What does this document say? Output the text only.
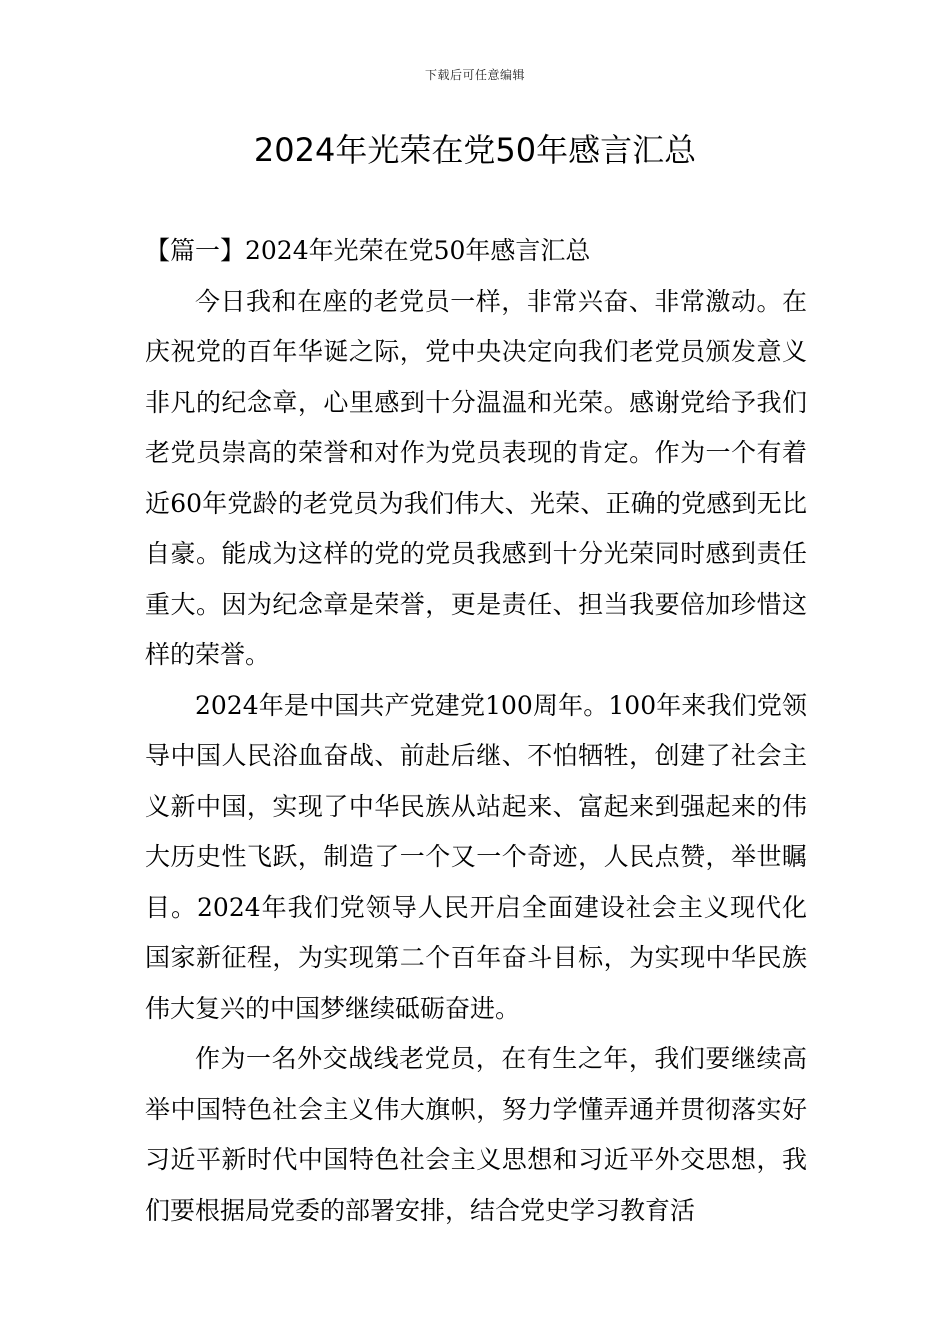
下载后可任意编辑
2024年光荣在党50年感言汇总

【篇一】2024年光荣在党50年感言汇总

今日我和在座的老党员一样，非常兴奋、非常激动。在庆祝党的百年华诞之际，党中央决定向我们老党员颁发意义非凡的纪念章，心里感到十分温温和光荣。感谢党给予我们老党员崇高的荣誉和对作为党员表现的肯定。作为一个有着近60年党龄的老党员为我们伟大、光荣、正确的党感到无比自豪。能成为这样的党的党员我感到十分光荣同时感到责任重大。因为纪念章是荣誉，更是责任、担当我要倍加珍惜这样的荣誉。

2024年是中国共产党建党100周年。100年来我们党领导中国人民浴血奋战、前赴后继、不怕牺牲，创建了社会主义新中国，实现了中华民族从站起来、富起来到强起来的伟大历史性飞跃，制造了一个又一个奇迹，人民点赞，举世瞩目。2024年我们党领导人民开启全面建设社会主义现代化国家新征程，为实现第二个百年奋斗目标，为实现中华民族伟大复兴的中国梦继续砥砺奋进。

作为一名外交战线老党员，在有生之年，我们要继续高举中国特色社会主义伟大旗帜，努力学懂弄通并贯彻落实好习近平新时代中国特色社会主义思想和习近平外交思想，我们要根据局党委的部署安排，结合党史学习教育活
